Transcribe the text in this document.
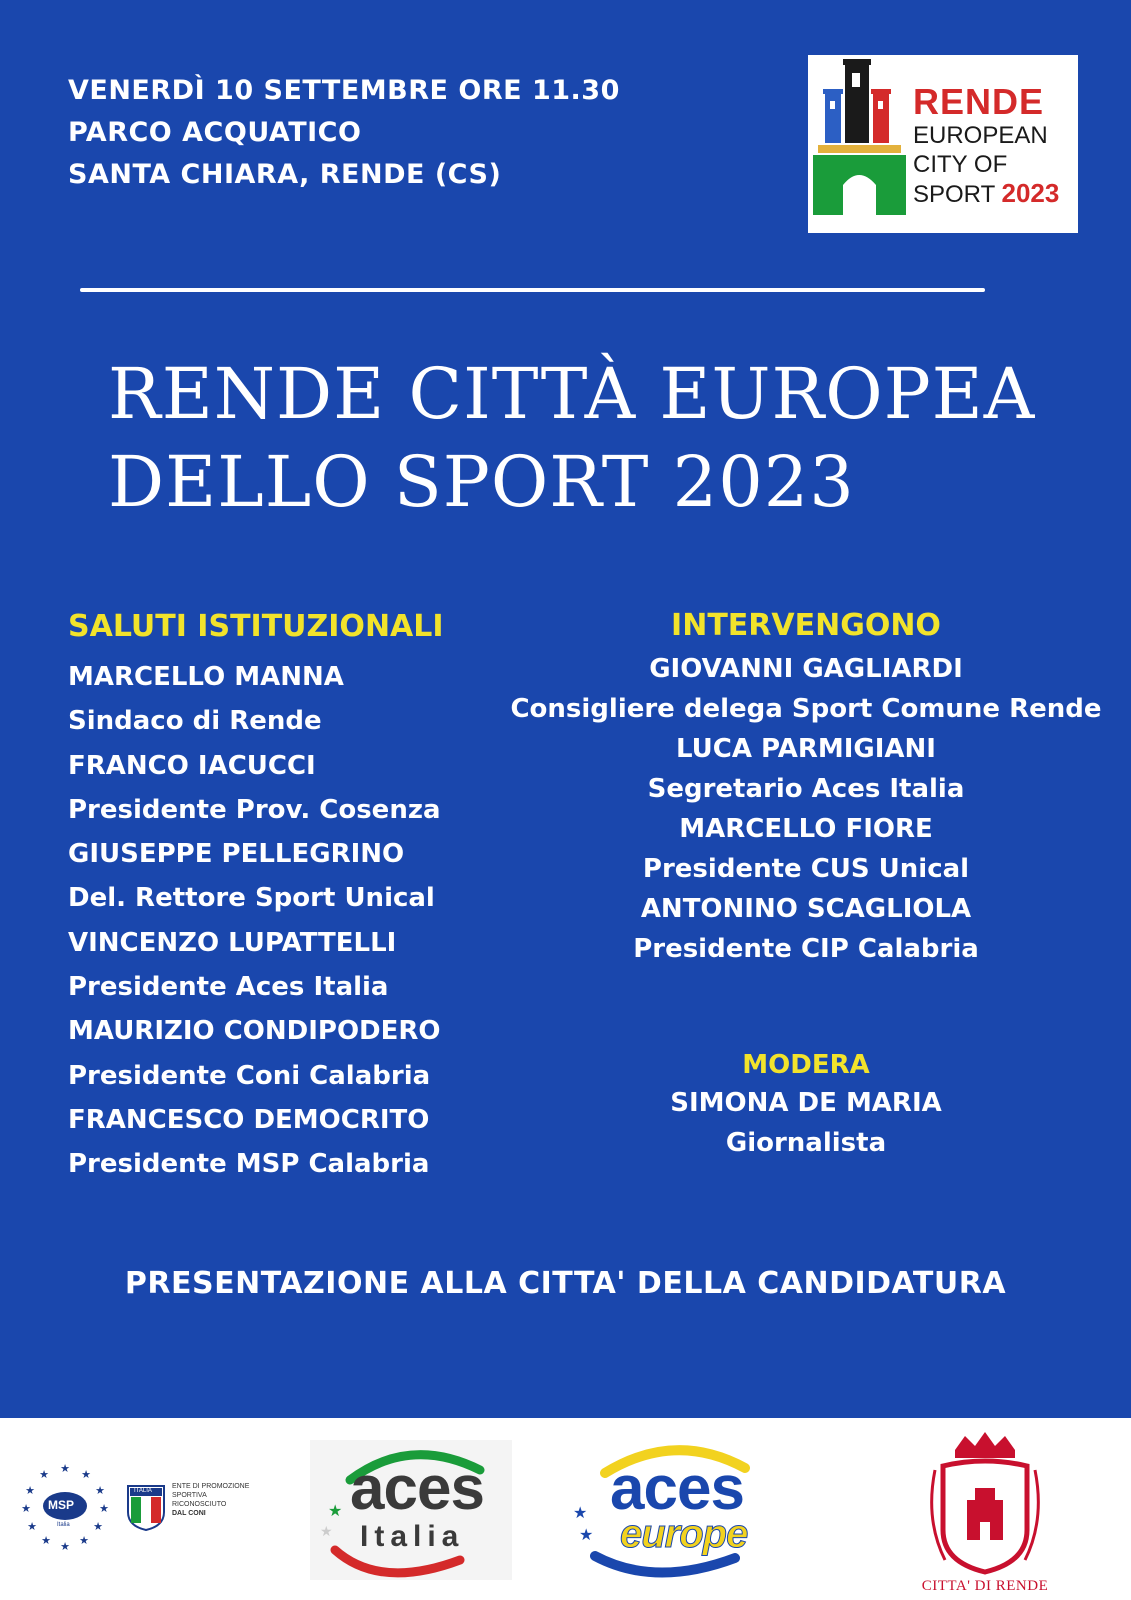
VENERDÌ 10 SETTEMBRE ORE 11.30
PARCO ACQUATICO
SANTA CHIARA, RENDE (CS)
RENDE
EUROPEAN
CITY OF
SPORT 2023
RENDE CITTÀ EUROPEA
DELLO SPORT 2023
SALUTI ISTITUZIONALI
MARCELLO MANNA
Sindaco di Rende
FRANCO IACUCCI
Presidente Prov. Cosenza
GIUSEPPE PELLEGRINO
Del. Rettore Sport Unical
VINCENZO LUPATTELLI
Presidente Aces Italia
MAURIZIO CONDIPODERO
Presidente Coni Calabria
FRANCESCO DEMOCRITO
Presidente MSP Calabria
INTERVENGONO
GIOVANNI GAGLIARDI
Consigliere delega Sport Comune Rende
LUCA PARMIGIANI
Segretario Aces Italia
MARCELLO FIORE
Presidente CUS Unical
ANTONINO SCAGLIOLA
Presidente CIP Calabria
MODERA
SIMONA DE MARIA
Giornalista
PRESENTAZIONE ALLA CITTA' DELLA CANDIDATURA
★ ★
★
★
★
★
★
★
★
★
★
★
MSP
Italia
ITALIA
ENTE DI PROMOZIONE
SPORTIVA
RICONOSCIUTO
DAL CONI	★
★
aces
Italia
★
★
aces
europe
CITTA' DI RENDE
